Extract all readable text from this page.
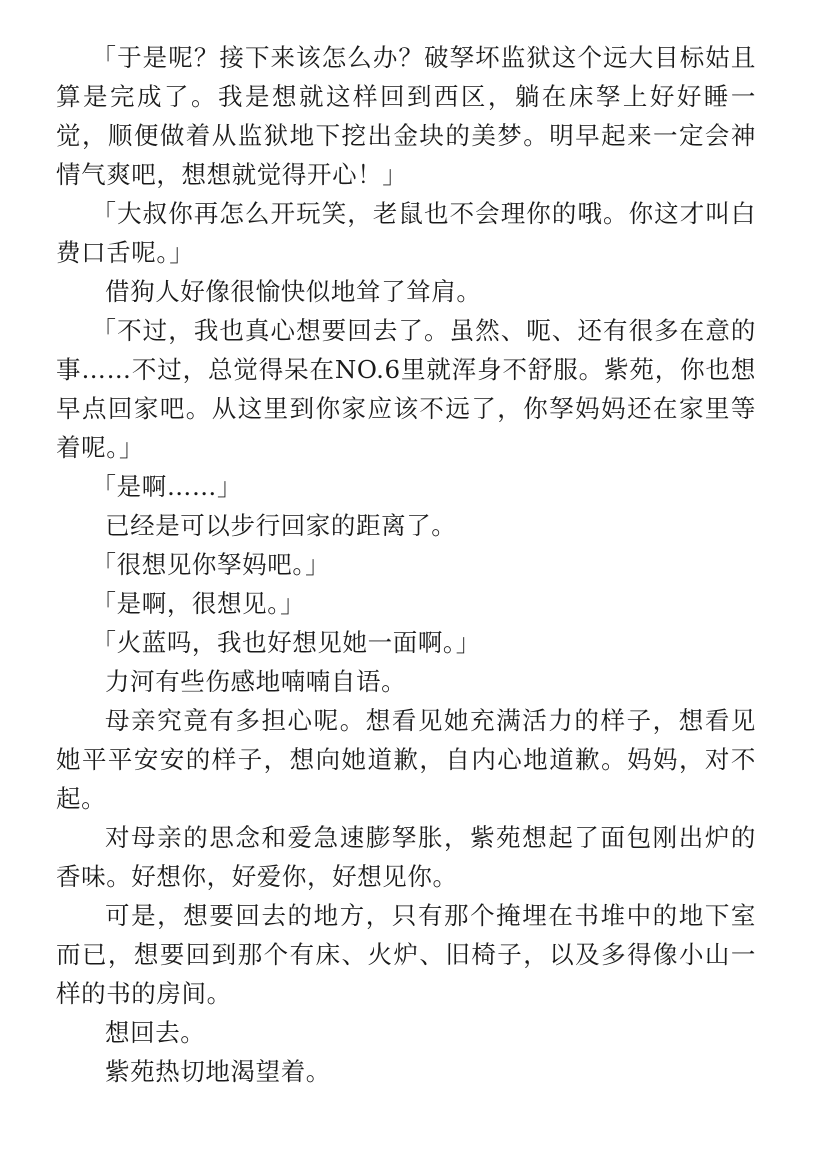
「于是呢？接下来该怎么办？破孥坏监狱这个远大目标姑且算是完成了。我是想就这样回到西区，躺在床孥上好好睡一觉，顺便做着从监狱地下挖出金块的美梦。明早起来一定会神情气爽吧，想想就觉得开心！」

「大叔你再怎么开玩笑，老鼠也不会理你的哦。你这才叫白费口舌呢。」

借狗人好像很愉快似地耸了耸肩。

「不过，我也真心想要回去了。虽然、呃、还有很多在意的事……不过，总觉得呆在NO.6里就浑身不舒服。紫苑，你也想早点回家吧。从这里到你家应该不远了，你孥妈妈还在家里等着呢。」

「是啊……」

已经是可以步行回家的距离了。

「很想见你孥妈吧。」

「是啊，很想见。」

「火蓝吗，我也好想见她一面啊。」

力河有些伤感地喃喃自语。

母亲究竟有多担心呢。想看见她充满活力的样子，想看见她平平安安的样子，想向她道歉，自内心地道歉。妈妈，对不起。

对母亲的思念和爱急速膨孥胀，紫苑想起了面包刚出炉的香味。好想你，好爱你，好想见你。

可是，想要回去的地方，只有那个掩埋在书堆中的地下室而已，想要回到那个有床、火炉、旧椅子，以及多得像小山一样的书的房间。

想回去。

紫苑热切地渴望着。
